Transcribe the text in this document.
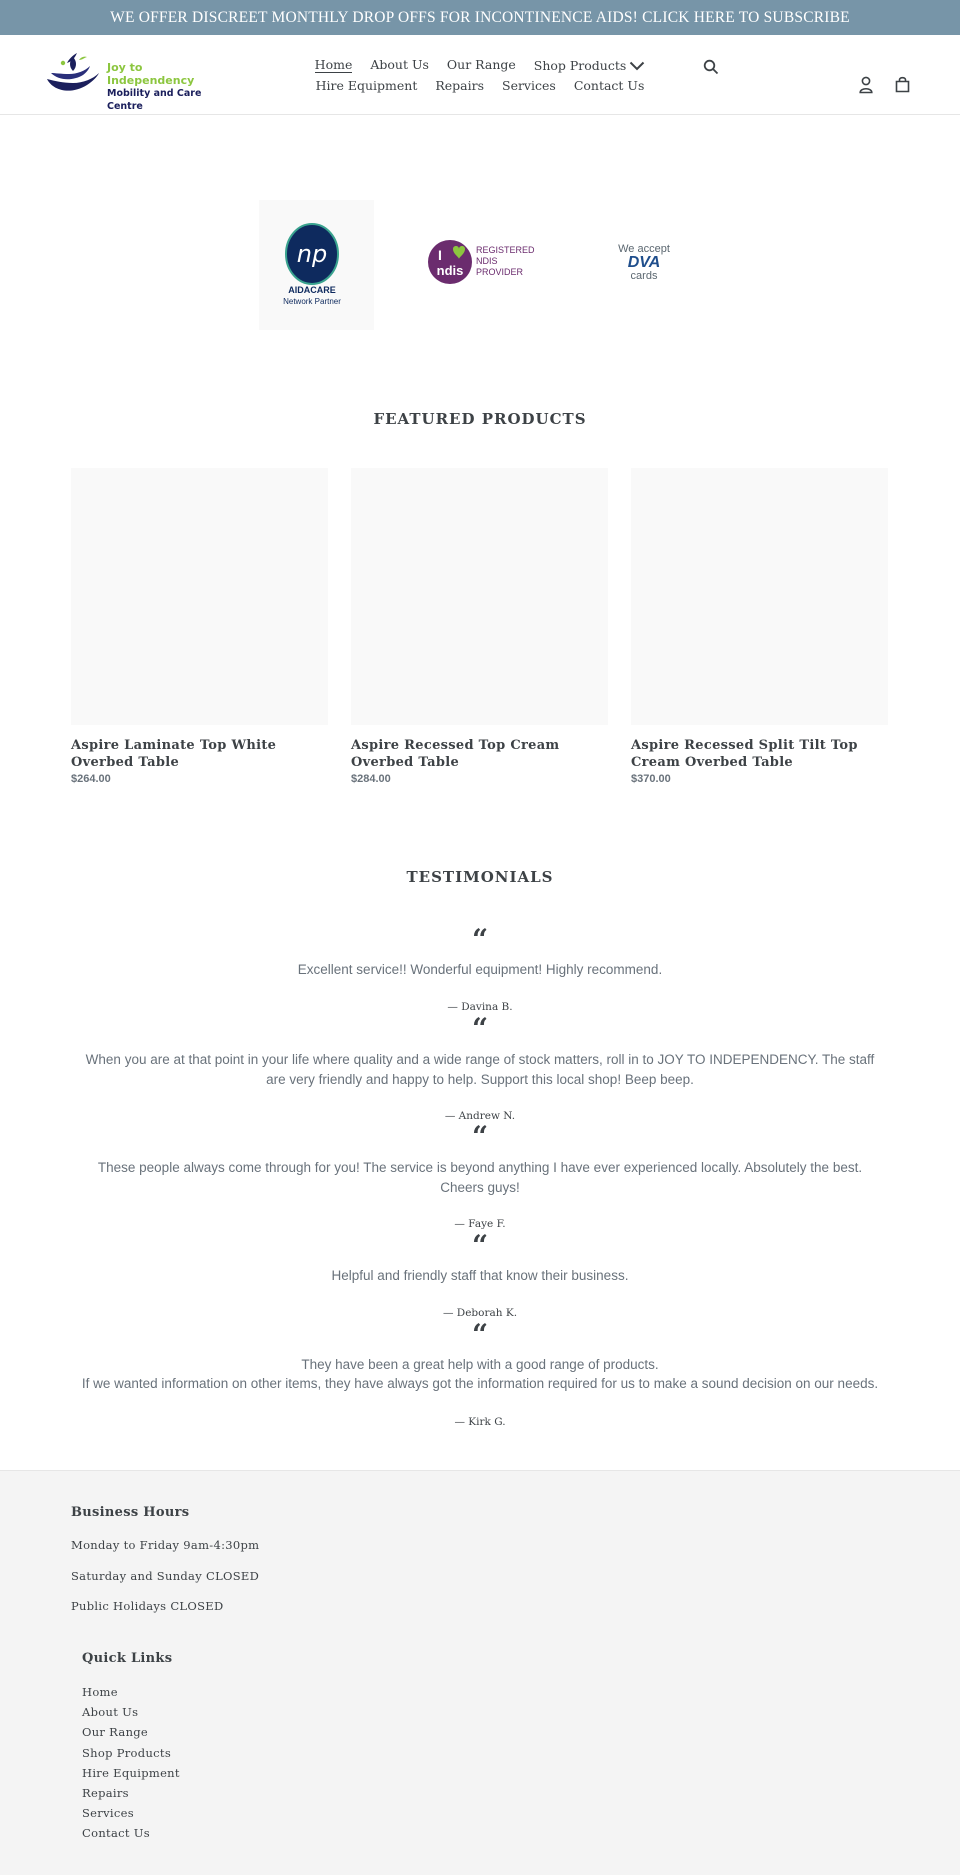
WE OFFER DISCREET MONTHLY DROP OFFS FOR INCONTINENCE AIDS! CLICK HERE TO SUBSCRIBE
Joy to Independency
Mobility and Care Centre
Home About Us Our Range Shop Products
Hire Equipment Repairs Services Contact Us
np
AIDACARE
Network Partner
I
ndis
REGISTERED
NDIS
PROVIDER
We accept
DVA
cards
FEATURED PRODUCTS
Aspire Laminate Top White Overbed Table
$264.00
Aspire Recessed Top Cream Overbed Table
$284.00
Aspire Recessed Split Tilt Top Cream Overbed Table
$370.00
TESTIMONIALS
“
Excellent service!! Wonderful equipment! Highly recommend.
— Davina B.
“
When you are at that point in your life where quality and a wide range of stock matters, roll in to JOY TO INDEPENDENCY. The staff are very friendly and happy to help. Support this local shop! Beep beep.
— Andrew N.
“
These people always come through for you! The service is beyond anything I have ever experienced locally. Absolutely the best. Cheers guys!
— Faye F.
“
Helpful and friendly staff that know their business.
— Deborah K.
“
They have been a great help with a good range of products.
If we wanted information on other items, they have always got the information required for us to make a sound decision on our needs.
— Kirk G.
Business Hours
Monday to Friday 9am-4:30pm
Saturday and Sunday CLOSED
Public Holidays CLOSED
Quick Links
Home
About Us
Our Range
Shop Products
Hire Equipment
Repairs
Services
Contact Us
